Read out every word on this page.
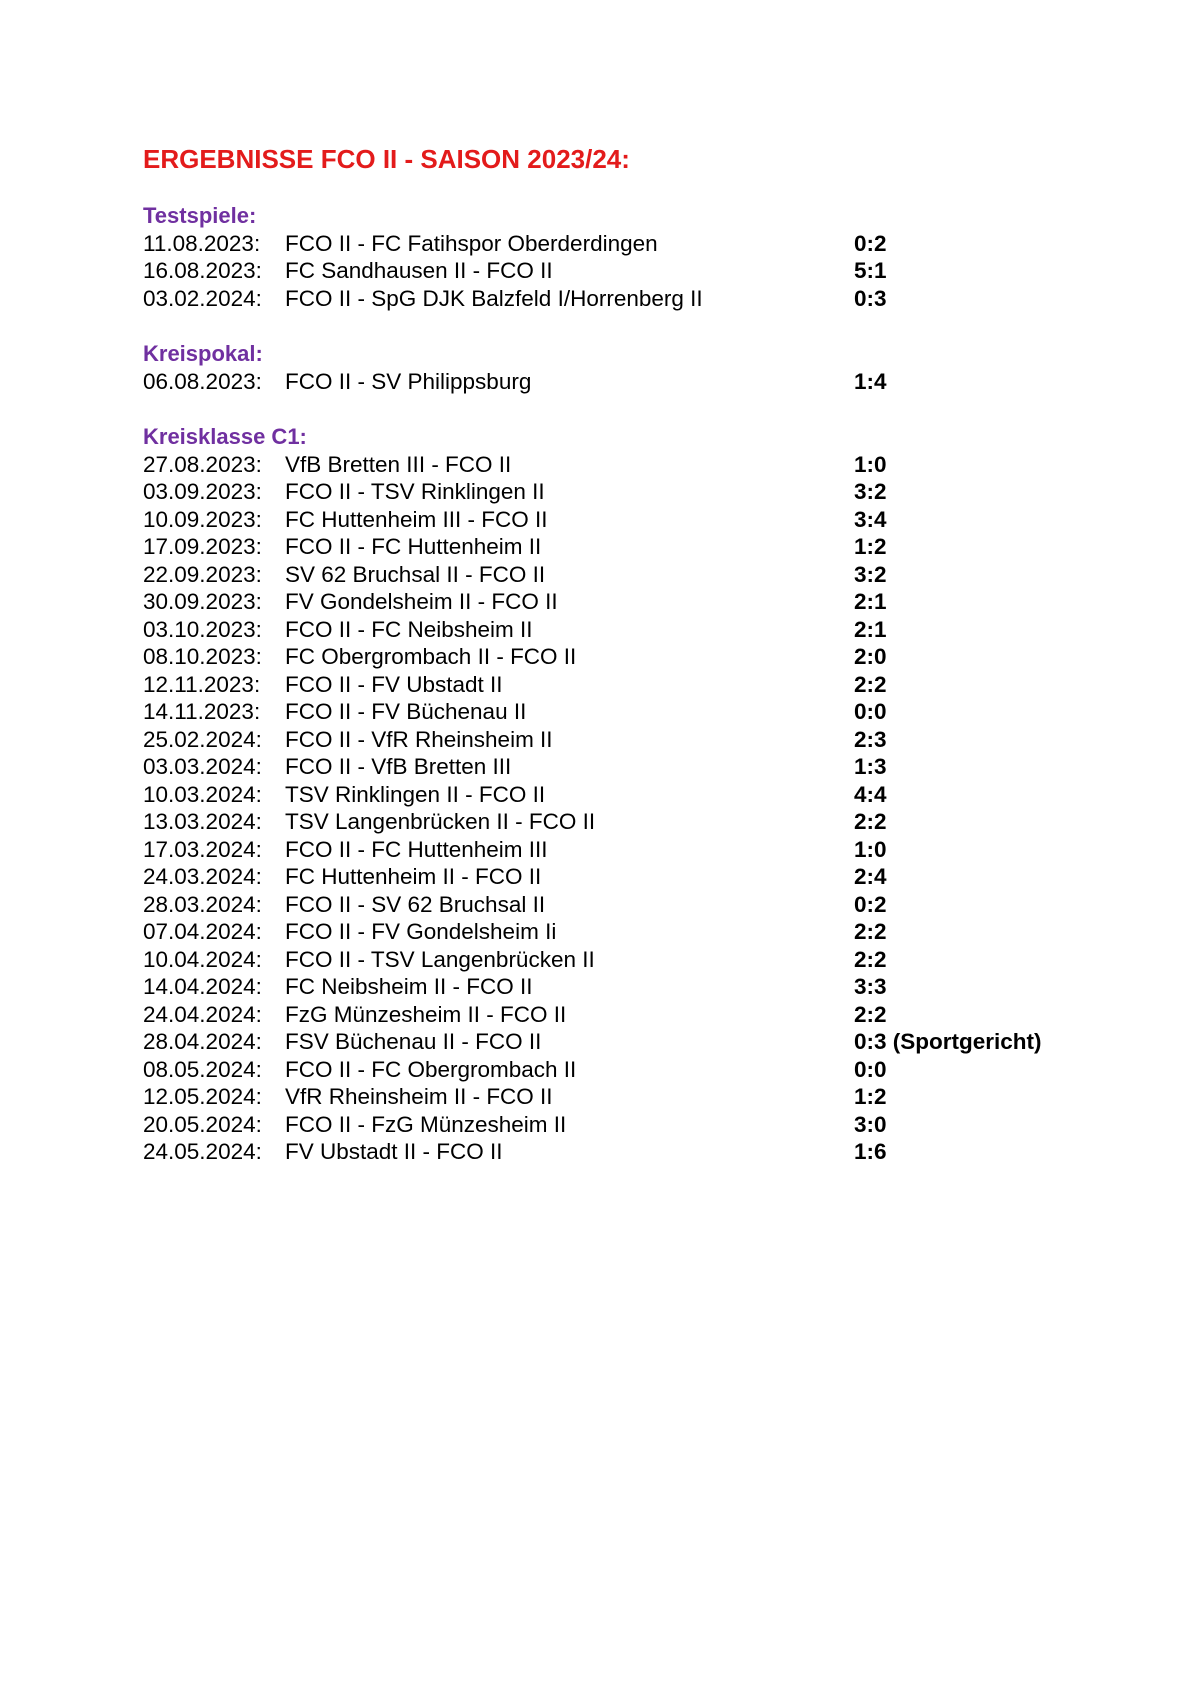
ERGEBNISSE FCO II - SAISON 2023/24:
Testspiele:
11.08.2023: FCO II - FC Fatihspor Oberderdingen	0:2
16.08.2023: FC Sandhausen II - FCO II	5:1
03.02.2024: FCO II - SpG DJK Balzfeld I/Horrenberg II	0:3
Kreispokal:
06.08.2023: FCO II - SV Philippsburg	1:4
Kreisklasse C1:
27.08.2023: VfB Bretten III - FCO II	1:0
03.09.2023: FCO II - TSV Rinklingen II	3:2
10.09.2023: FC Huttenheim III - FCO II	3:4
17.09.2023: FCO II - FC Huttenheim II	1:2
22.09.2023: SV 62 Bruchsal II - FCO II	3:2
30.09.2023: FV Gondelsheim II - FCO II	2:1
03.10.2023: FCO II - FC Neibsheim II	2:1
08.10.2023: FC Obergrombach II - FCO II	2:0
12.11.2023: FCO II - FV Ubstadt II	2:2
14.11.2023: FCO II - FV Büchenau II	0:0
25.02.2024: FCO II - VfR Rheinsheim II	2:3
03.03.2024: FCO II - VfB Bretten III	1:3
10.03.2024: TSV Rinklingen II - FCO II	4:4
13.03.2024: TSV Langenbrücken II - FCO II	2:2
17.03.2024: FCO II - FC Huttenheim III	1:0
24.03.2024: FC Huttenheim II - FCO II	2:4
28.03.2024: FCO II - SV 62 Bruchsal II	0:2
07.04.2024: FCO II - FV Gondelsheim Ii	2:2
10.04.2024: FCO II - TSV Langenbrücken II	2:2
14.04.2024: FC Neibsheim II - FCO II	3:3
24.04.2024: FzG Münzesheim II - FCO II	2:2
28.04.2024: FSV Büchenau II - FCO II	0:3 (Sportgericht)
08.05.2024: FCO II - FC Obergrombach II	0:0
12.05.2024: VfR Rheinsheim II - FCO II	1:2
20.05.2024: FCO II - FzG Münzesheim II	3:0
24.05.2024: FV Ubstadt II - FCO II	1:6
